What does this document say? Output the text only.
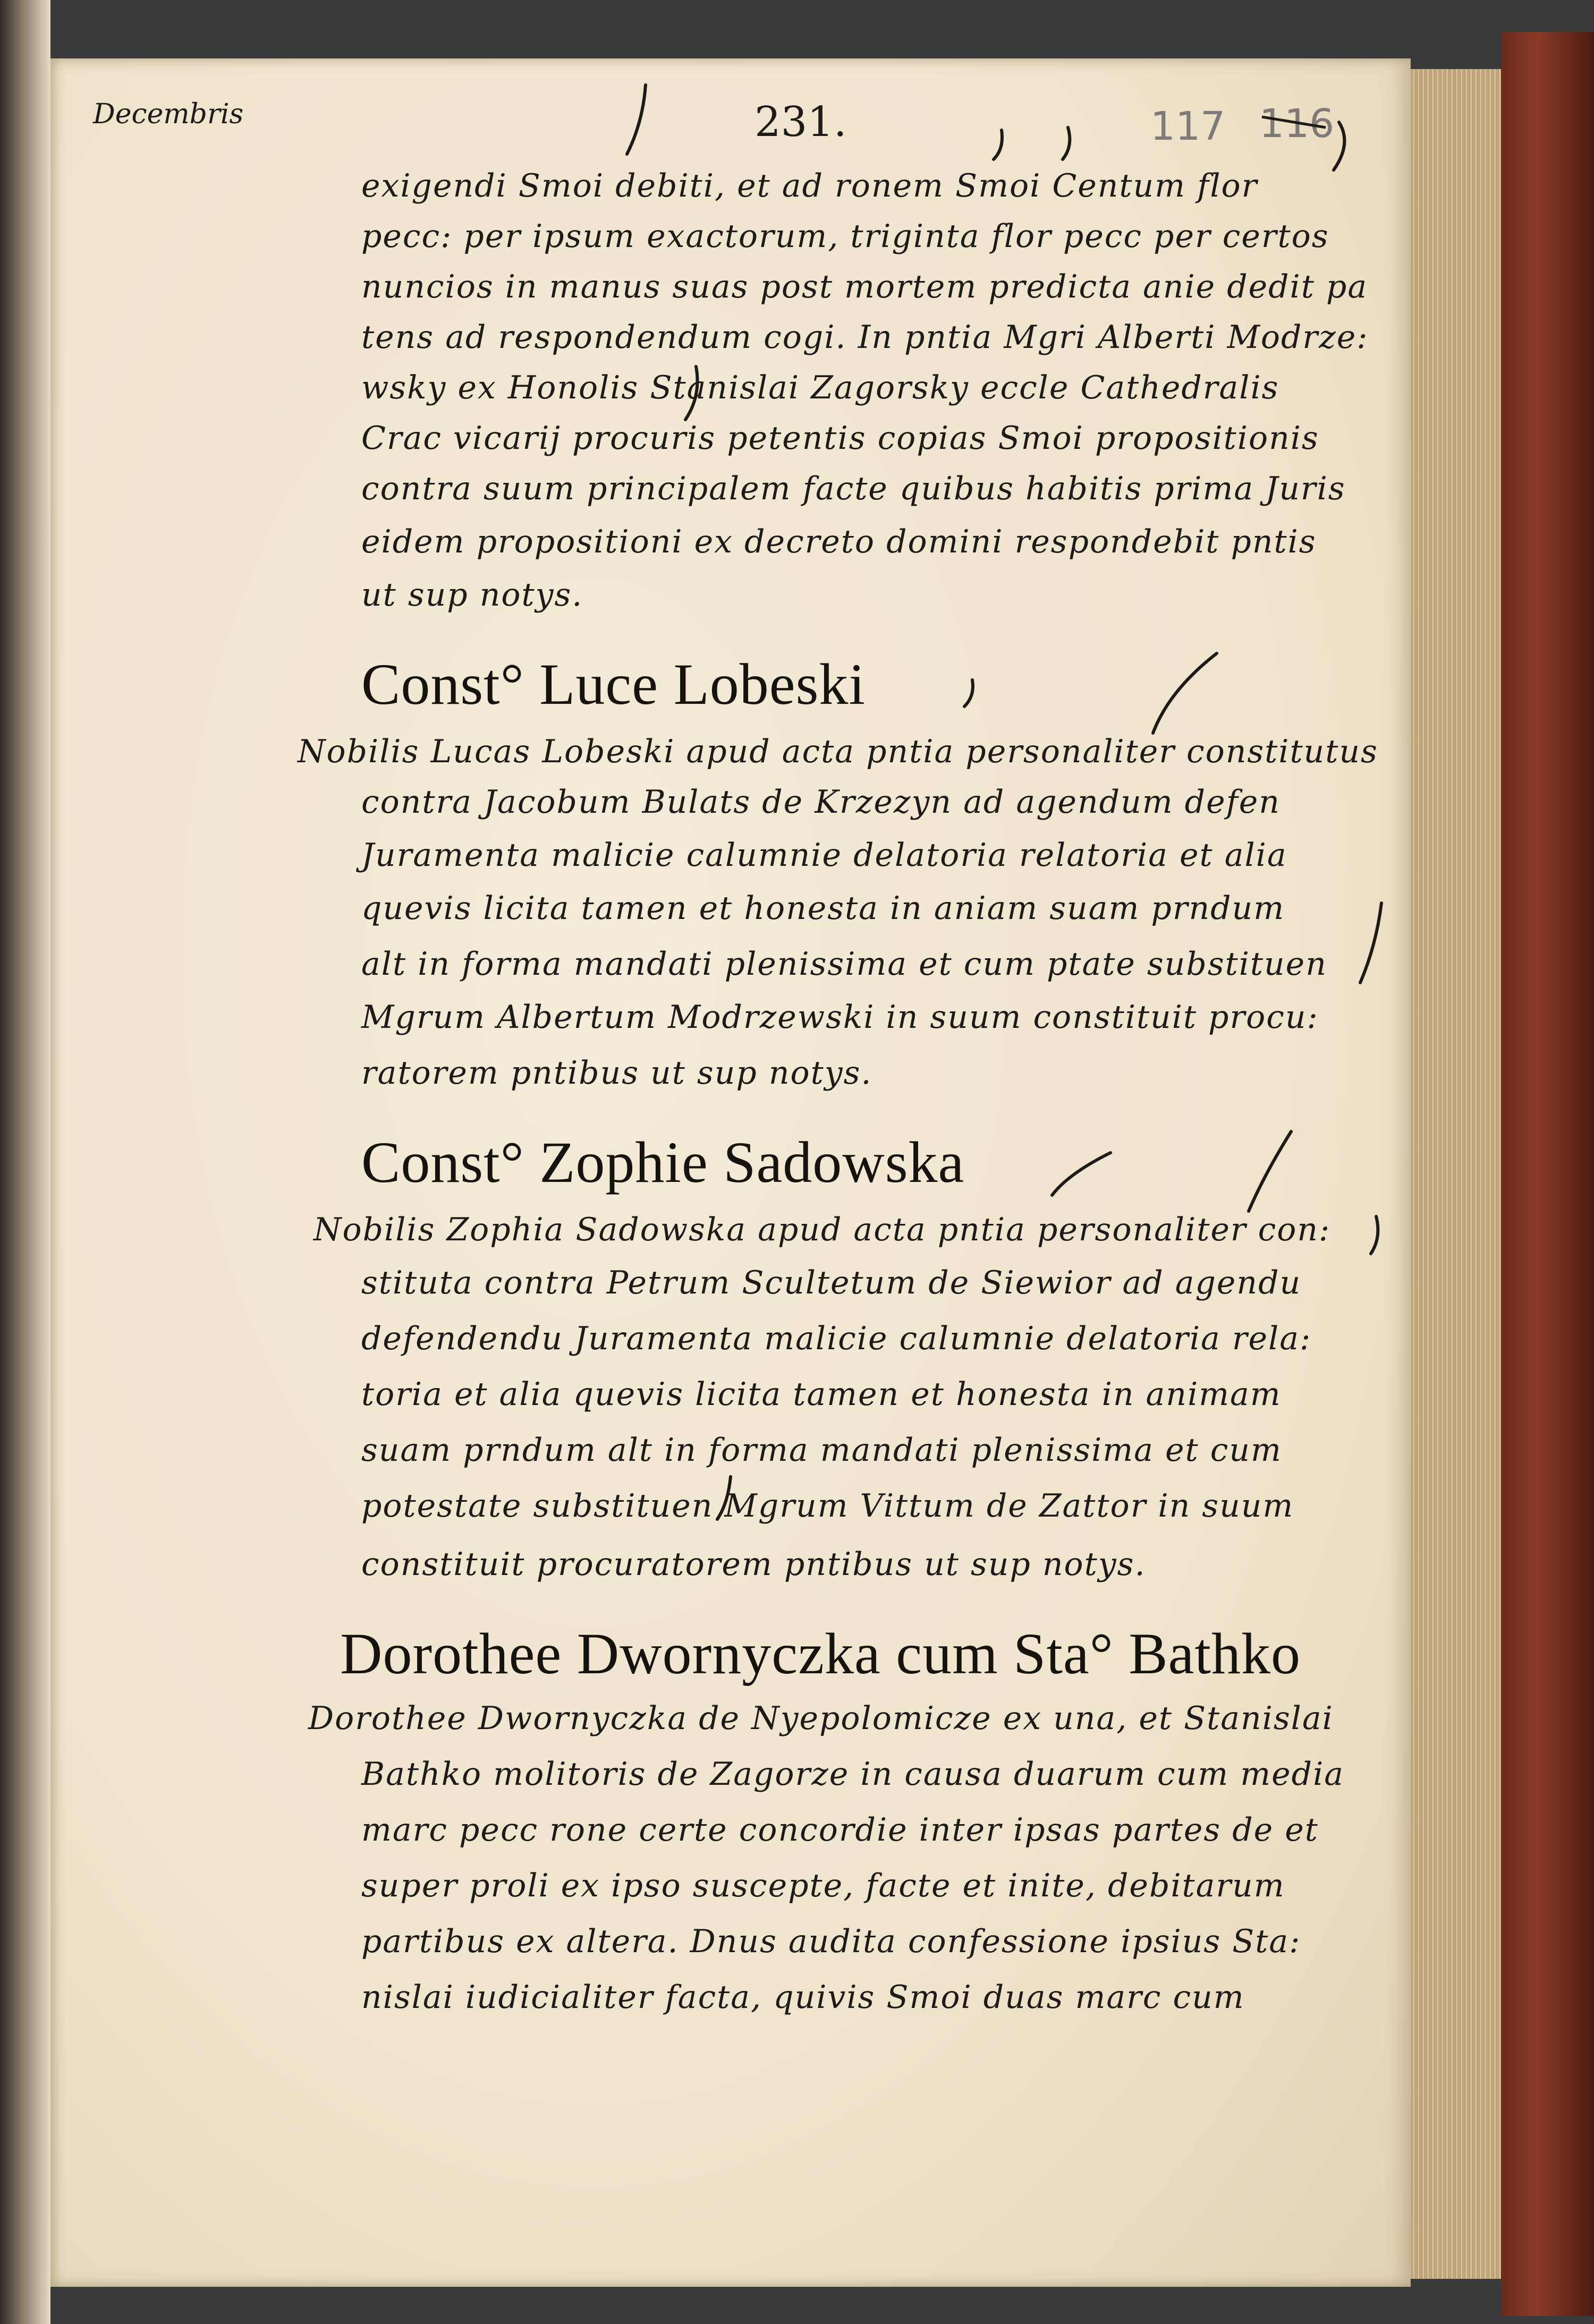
Decembris	231.	117 116
exigendi Smoi debiti, et ad ronem Smoi Centum flor
pecc: per ipsum exactorum, triginta flor pecc per certos
nuncios in manus suas post mortem predicta anie dedit pa
tens ad respondendum cogi. In pntia Mgri Alberti Modrze:
wsky ex Honolis Stanislai Zagorsky eccle Cathedralis
Crac vicarij procuris petentis copias Smoi propositionis
contra suum principalem facte quibus habitis prima Juris
eidem propositioni ex decreto domini respondebit pntis
ut sup notys.
Const° Luce Lobeski
Nobilis Lucas Lobeski apud acta pntia personaliter constitutus
contra Jacobum Bulats de Krzezyn ad agendum defen
Juramenta malicie calumnie delatoria relatoria et alia
quevis licita tamen et honesta in aniam suam prndum
alt in forma mandati plenissima et cum ptate substituen
Mgrum Albertum Modrzewski in suum constituit procu:
ratorem pntibus ut sup notys.
Const° Zophie Sadowska
Nobilis Zophia Sadowska apud acta pntia personaliter con:
stituta contra Petrum Scultetum de Siewior ad agendu
defendendu Juramenta malicie calumnie delatoria rela:
toria et alia quevis licita tamen et honesta in animam
suam prndum alt in forma mandati plenissima et cum
potestate substituen Mgrum Vittum de Zattor in suum
constituit procuratorem pntibus ut sup notys.
Dorothee Dwornyczka cum Sta° Bathko
Dorothee Dwornyczka de Nyepolomicze ex una, et Stanislai
Bathko molitoris de Zagorze in causa duarum cum media
marc pecc rone certe concordie inter ipsas partes de et
super proli ex ipso suscepte, facte et inite, debitarum
partibus ex altera. Dnus audita confessione ipsius Sta:
nislai iudicialiter facta, quivis Smoi duas marc cum
